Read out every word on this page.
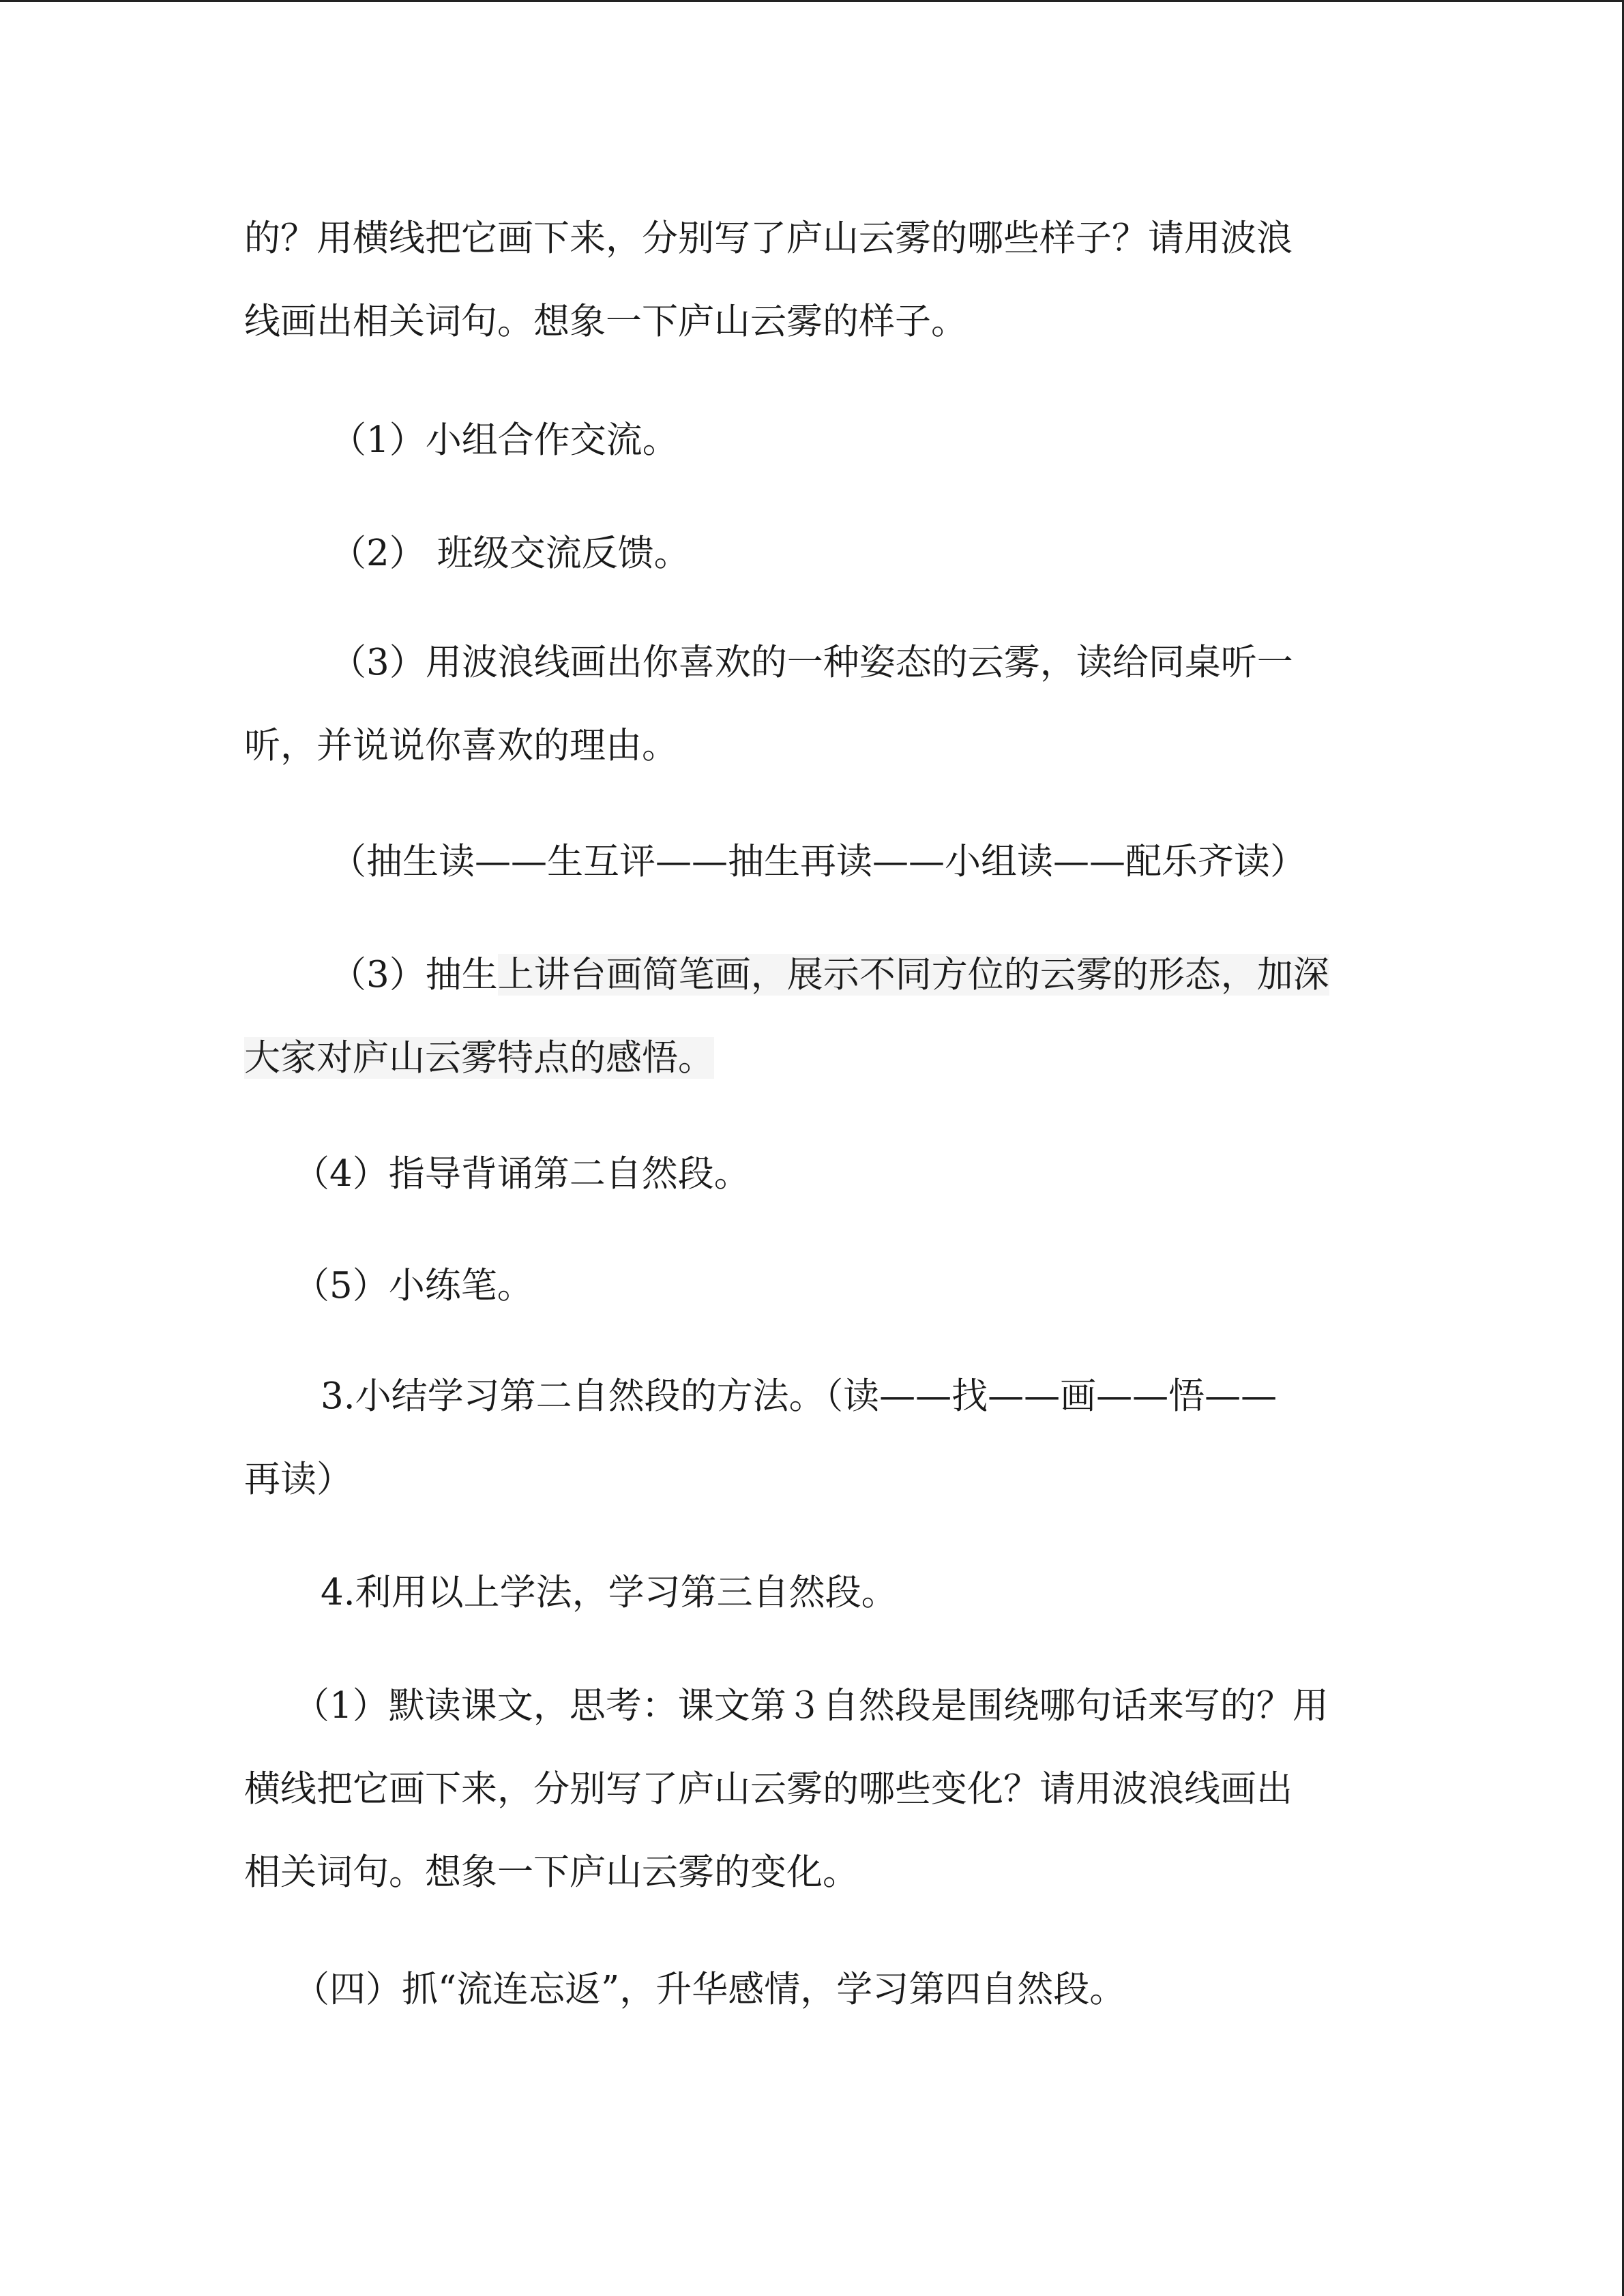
的？用横线把它画下来，分别写了庐山云雾的哪些样子？请用波浪
线画出相关词句。想象一下庐山云雾的样子。

（1）小组合作交流。

（2） 班级交流反馈。

（3）用波浪线画出你喜欢的一种姿态的云雾，读给同桌听一
听，并说说你喜欢的理由。

（抽生读——生互评——抽生再读——小组读——配乐齐读）

（3）抽生上讲台画简笔画，展示不同方位的云雾的形态，加深
大家对庐山云雾特点的感悟。

（4）指导背诵第二自然段。

（5）小练笔。

3.小结学习第二自然段的方法。（读——找——画——悟——
再读）

4.利用以上学法，学习第三自然段。

（1）默读课文，思考：课文第３自然段是围绕哪句话来写的？用
横线把它画下来，分别写了庐山云雾的哪些变化？请用波浪线画出
相关词句。想象一下庐山云雾的变化。

（四）抓“流连忘返”，升华感情，学习第四自然段。
